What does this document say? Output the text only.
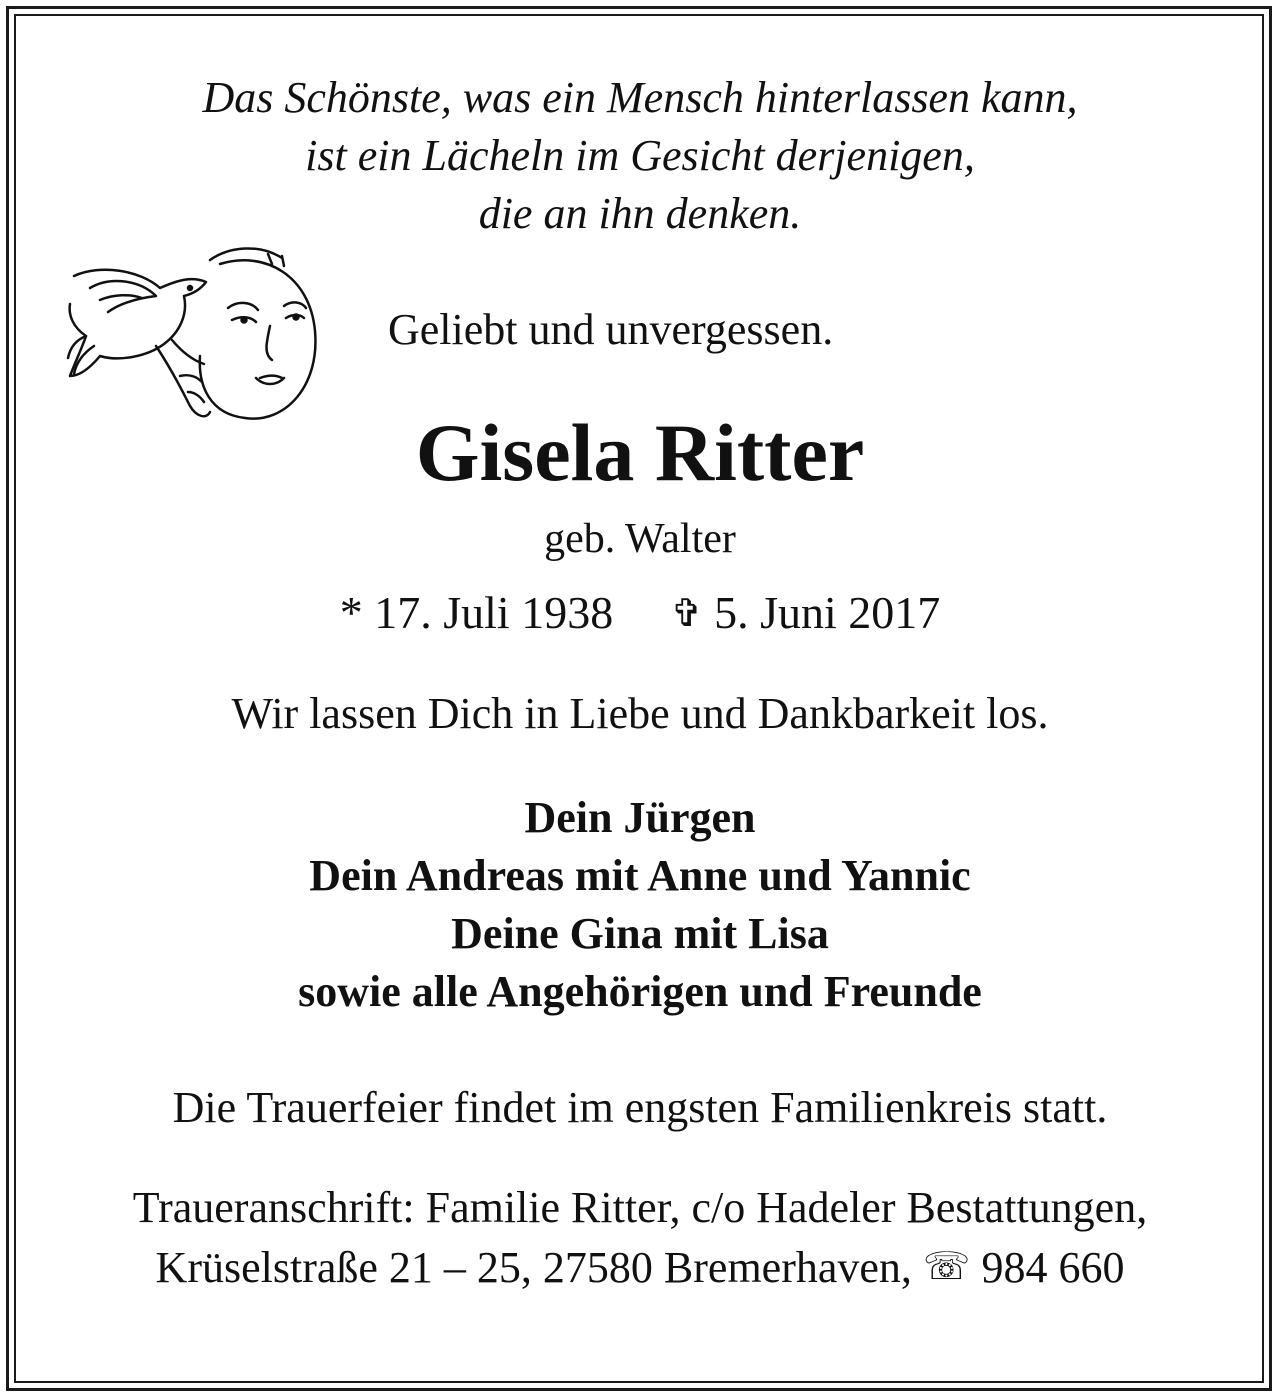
Das Schönste, was ein Mensch hinterlassen kann,
ist ein Lächeln im Gesicht derjenigen,
die an ihn denken.
Geliebt und unvergessen.
Gisela Ritter
geb. Walter
* 17. Juli 1938 ✞ 5. Juni 2017
Wir lassen Dich in Liebe und Dankbarkeit los.
Dein Jürgen
Dein Andreas mit Anne und Yannic
Deine Gina mit Lisa
sowie alle Angehörigen und Freunde
Die Trauerfeier findet im engsten Familienkreis statt.
Traueranschrift: Familie Ritter, c/o Hadeler Bestattungen,
Krüselstraße 21 – 25, 27580 Bremerhaven, ☏ 984 660
